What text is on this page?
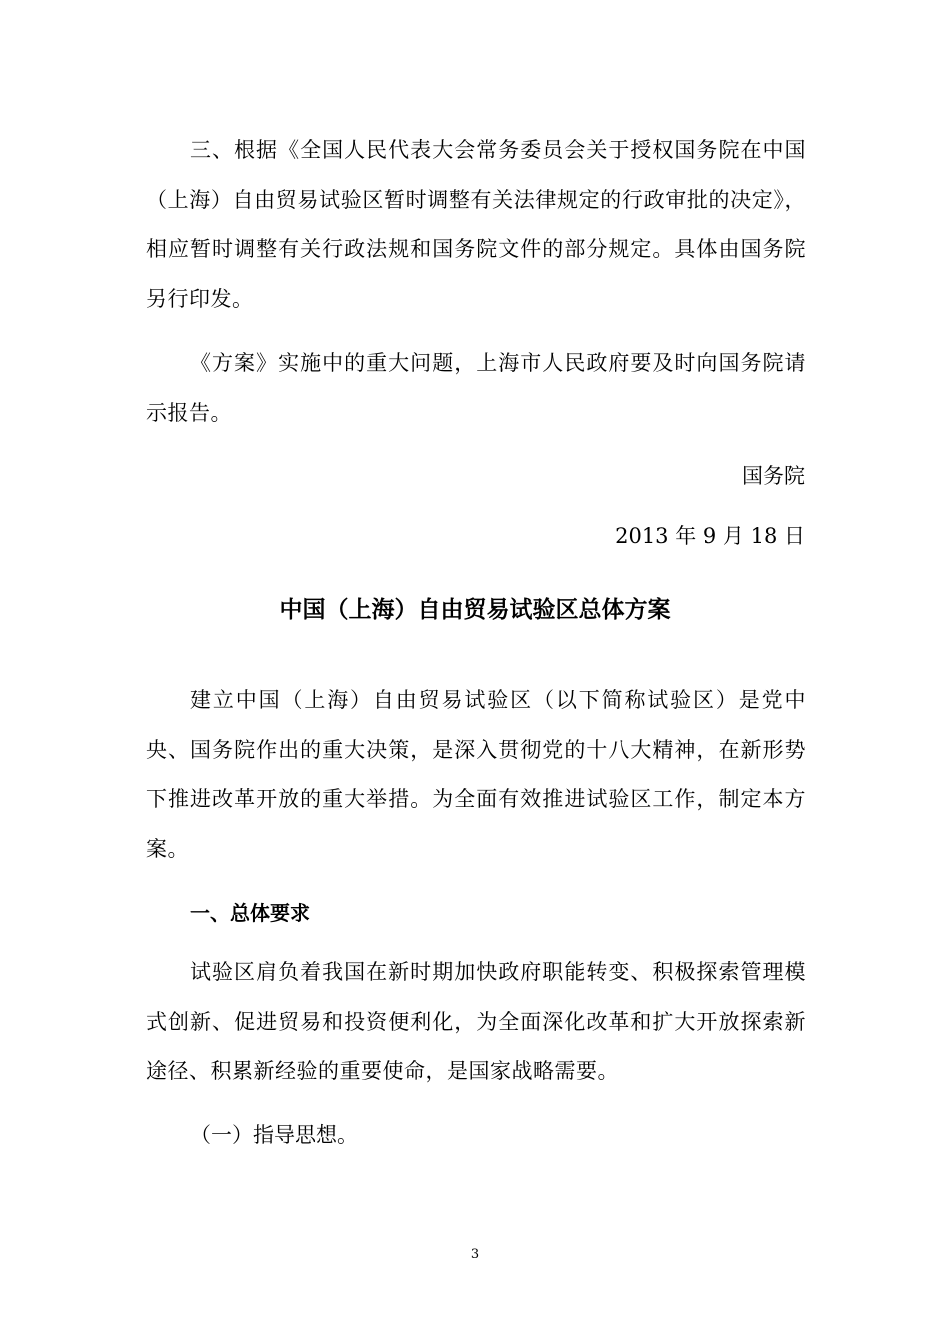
三、根据《全国人民代表大会常务委员会关于授权国务院在中国（上海）自由贸易试验区暂时调整有关法律规定的行政审批的决定》，相应暂时调整有关行政法规和国务院文件的部分规定。具体由国务院另行印发。

《方案》实施中的重大问题，上海市人民政府要及时向国务院请示报告。

国务院

2013 年 9 月 18 日

中国（上海）自由贸易试验区总体方案

建立中国（上海）自由贸易试验区（以下简称试验区）是党中央、国务院作出的重大决策，是深入贯彻党的十八大精神，在新形势下推进改革开放的重大举措。为全面有效推进试验区工作，制定本方案。

一、总体要求

试验区肩负着我国在新时期加快政府职能转变、积极探索管理模式创新、促进贸易和投资便利化，为全面深化改革和扩大开放探索新途径、积累新经验的重要使命，是国家战略需要。

（一）指导思想。

3
